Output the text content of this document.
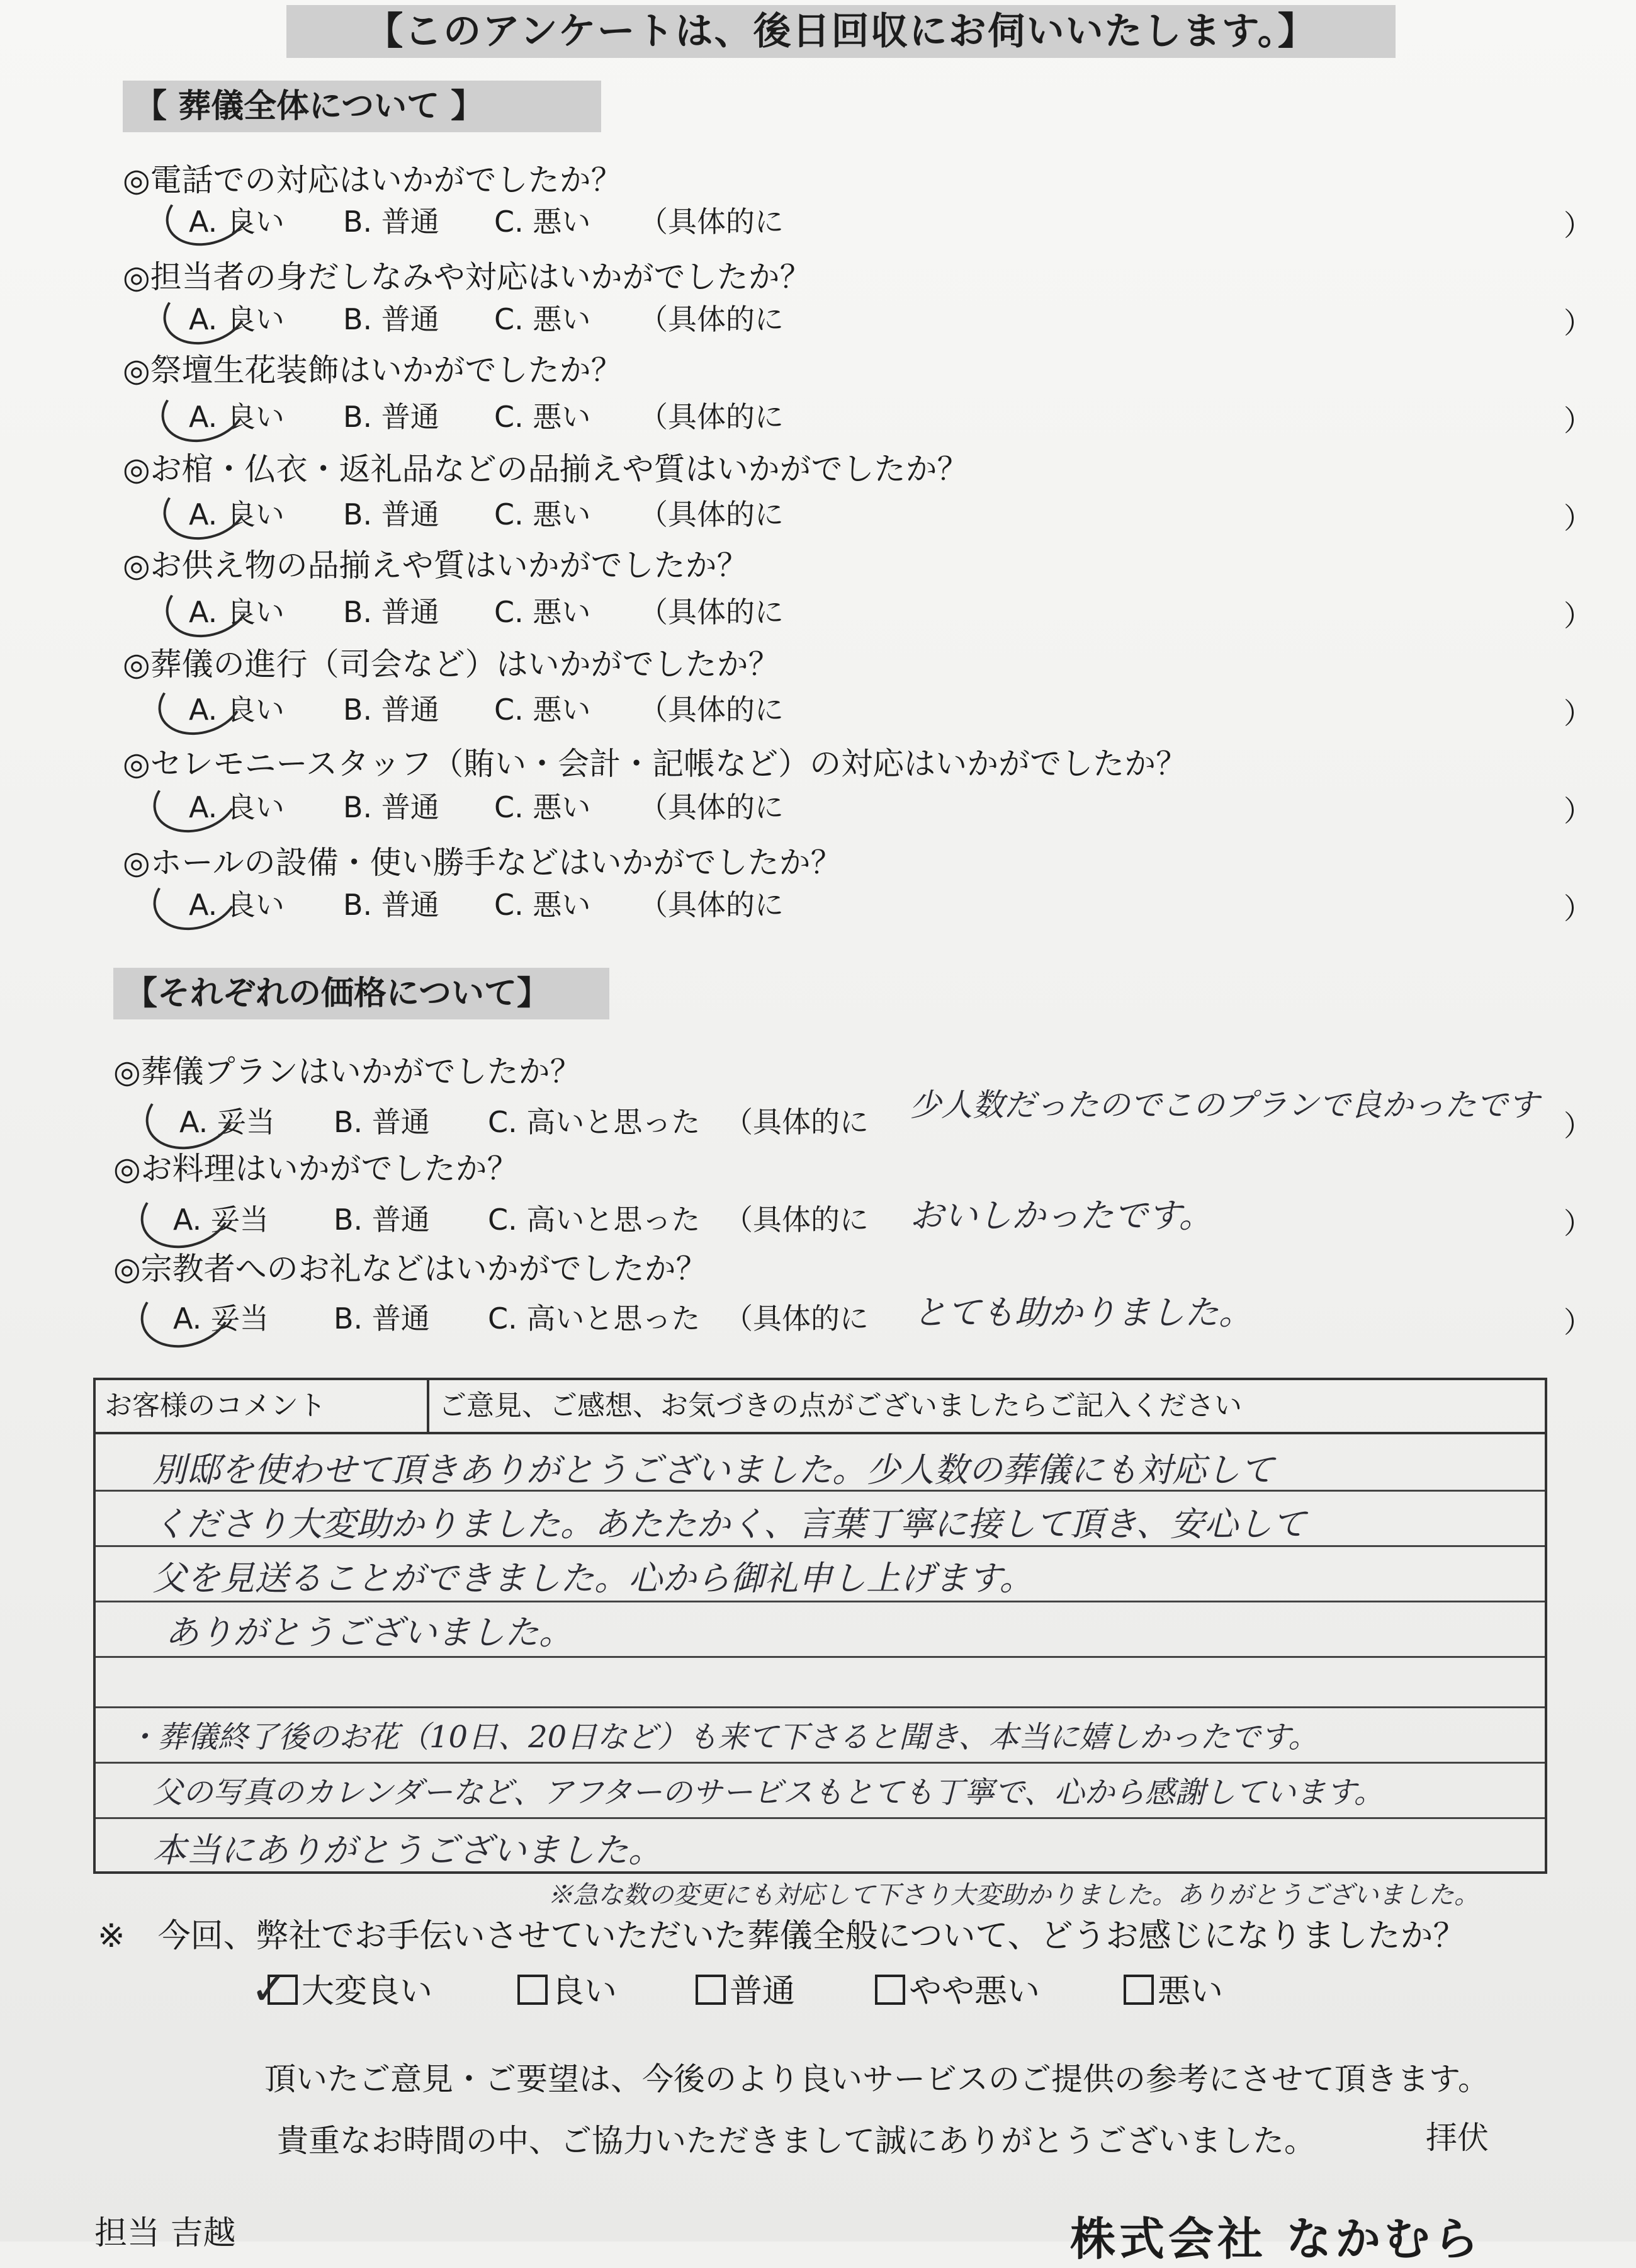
【このアンケートは、後日回収にお伺いいたします。】
【 葬儀全体について 】
◎電話での対応はいかがでしたか？
A. 良い B. 普通 C. 悪い （具体的に	）
◎担当者の身だしなみや対応はいかがでしたか？
A. 良い B. 普通 C. 悪い （具体的に	）
◎祭壇生花装飾はいかがでしたか？
A. 良い B. 普通 C. 悪い （具体的に	）
◎お棺・仏衣・返礼品などの品揃えや質はいかがでしたか？
A. 良い B. 普通 C. 悪い （具体的に	）
◎お供え物の品揃えや質はいかがでしたか？
A. 良い B. 普通 C. 悪い （具体的に	）
◎葬儀の進行（司会など）はいかがでしたか？
A. 良い B. 普通 C. 悪い （具体的に	）
◎セレモニースタッフ（賄い・会計・記帳など）の対応はいかがでしたか？
A. 良い B. 普通 C. 悪い （具体的に	）
◎ホールの設備・使い勝手などはいかがでしたか？
A. 良い B. 普通 C. 悪い （具体的に	）
【それぞれの価格について】
◎葬儀プランはいかがでしたか？
A. 妥当 B. 普通 C. 高いと思った （具体的に	）
少人数だったのでこのプランで良かったです
◎お料理はいかがでしたか？
A. 妥当 B. 普通 C. 高いと思った （具体的に	）
おいしかったです。
◎宗教者へのお礼などはいかがでしたか？
A. 妥当 B. 普通 C. 高いと思った （具体的に	）
とても助かりました。
お客様のコメント	ご意見、ご感想、お気づきの点がございましたらご記入ください
別邸を使わせて頂きありがとうございました。少人数の葬儀にも対応して
くださり大変助かりました。あたたかく、言葉丁寧に接して頂き、安心して
父を見送ることができました。心から御礼申し上げます。
ありがとうございました。
・葬儀終了後のお花（10日、20日など）も来て下さると聞き、本当に嬉しかったです。
父の写真のカレンダーなど、アフターのサービスもとても丁寧で、心から感謝しています。
本当にありがとうございました。
※急な数の変更にも対応して下さり大変助かりました。ありがとうございました。
※　今回、弊社でお手伝いさせていただいた葬儀全般について、どうお感じになりましたか？
大変良い	良い	普通	やや悪い	悪い
✓
頂いたご意見・ご要望は、今後のより良いサービスのご提供の参考にさせて頂きます。
貴重なお時間の中、ご協力いただきまして誠にありがとうございました。	拝伏
担当 吉越	株式会社 なかむら
